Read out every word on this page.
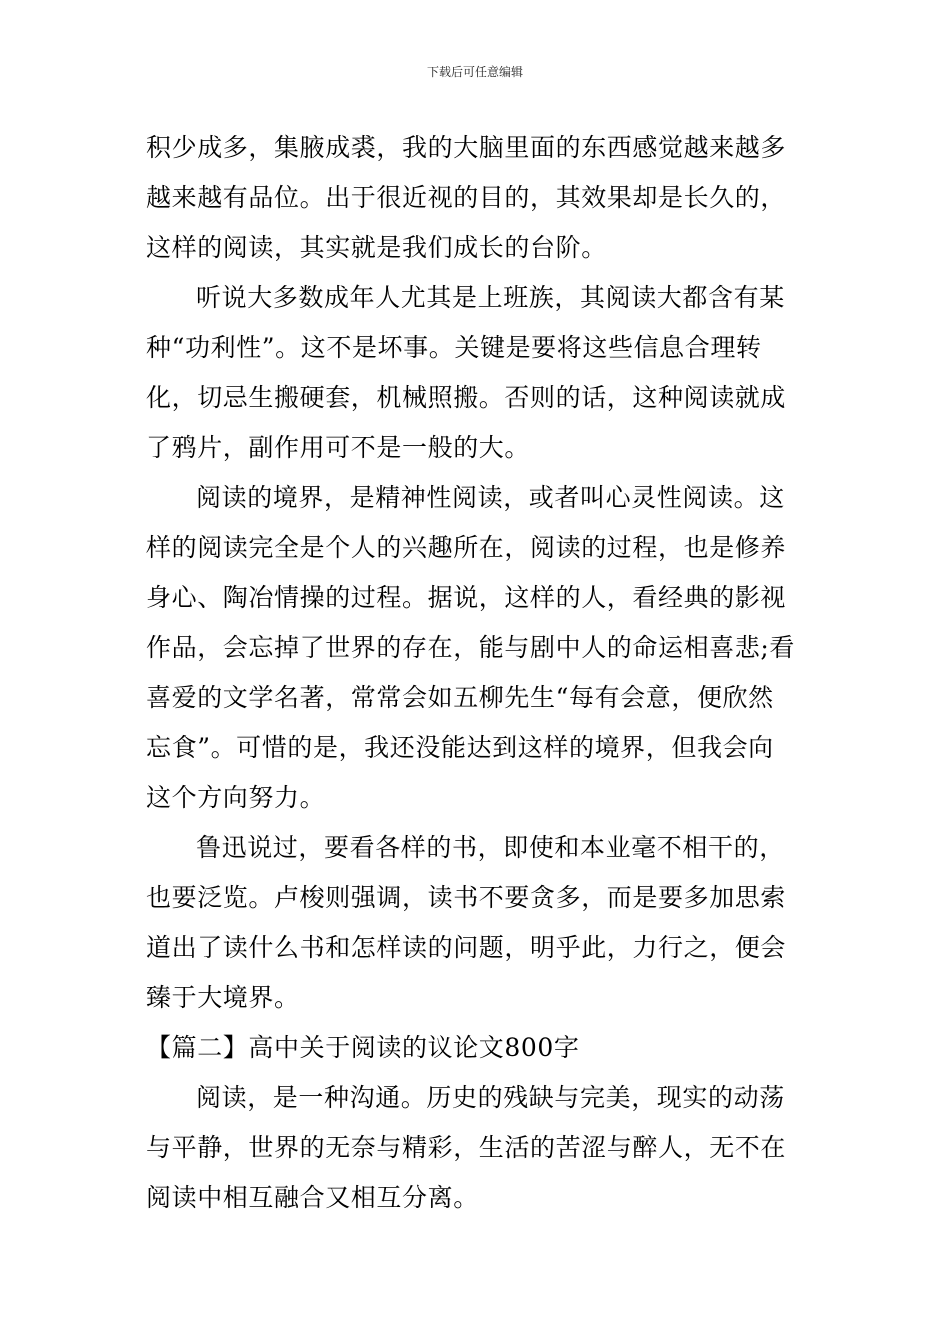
下载后可任意编辑
积少成多，集腋成裘，我的大脑里面的东西感觉越来越多
越来越有品位。出于很近视的目的，其效果却是长久的，
这样的阅读，其实就是我们成长的台阶。
听说大多数成年人尤其是上班族，其阅读大都含有某
种“功利性”。这不是坏事。关键是要将这些信息合理转
化，切忌生搬硬套，机械照搬。否则的话，这种阅读就成
了鸦片，副作用可不是一般的大。
阅读的境界，是精神性阅读，或者叫心灵性阅读。这
样的阅读完全是个人的兴趣所在，阅读的过程，也是修养
身心、陶冶情操的过程。据说，这样的人，看经典的影视
作品，会忘掉了世界的存在，能与剧中人的命运相喜悲;看
喜爱的文学名著，常常会如五柳先生“每有会意，便欣然
忘食”。可惜的是，我还没能达到这样的境界，但我会向
这个方向努力。
鲁迅说过，要看各样的书，即使和本业毫不相干的，
也要泛览。卢梭则强调，读书不要贪多，而是要多加思索
道出了读什么书和怎样读的问题，明乎此，力行之，便会
臻于大境界。
【篇二】高中关于阅读的议论文800字
阅读，是一种沟通。历史的残缺与完美，现实的动荡
与平静，世界的无奈与精彩，生活的苦涩与醉人，无不在
阅读中相互融合又相互分离。
